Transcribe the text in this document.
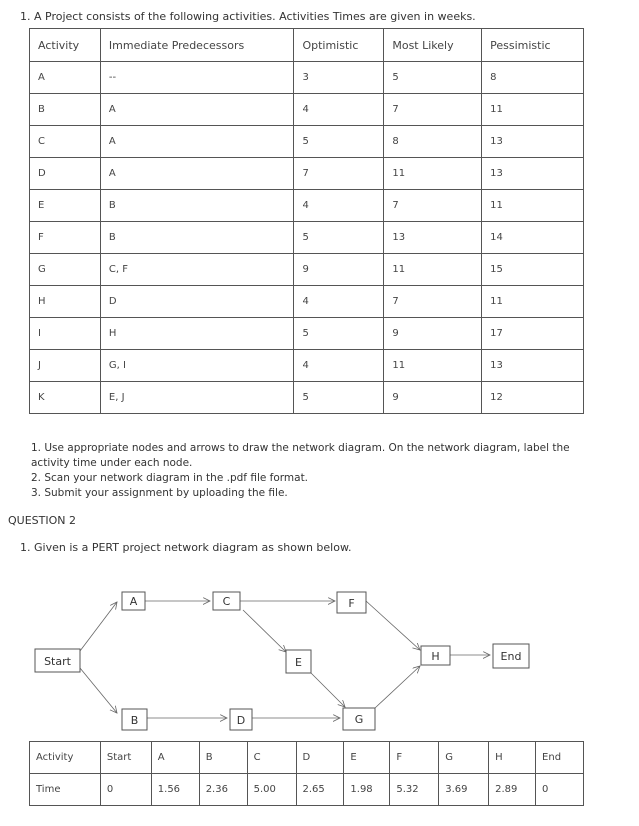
1. A Project consists of the following activities. Activities Times are given in weeks.
Activity	Immediate Predecessors	Optimistic	Most Likely	Pessimistic
A	--	3	5	8
B	A	4	7	11
C	A	5	8	13
D	A	7	11	13
E	B	4	7	11
F	B	5	13	14
G	C, F	9	11	15
H	D	4	7	11
I	H	5	9	17
J	G, I	4	11	13
K	E, J	5	9	12
1. Use appropriate nodes and arrows to draw the network diagram. On the network diagram, label the
activity time under each node.
2. Scan your network diagram in the .pdf file format.
3. Submit your assignment by uploading the file.
QUESTION 2
1. Given is a PERT project network diagram as shown below.
Start
A
B
C
D
E
F
G
H	End
Activity	Start	A	B	C	D	E	F	G	H	End
Time	0	1.56	2.36	5.00	2.65	1.98	5.32	3.69	2.89	0
